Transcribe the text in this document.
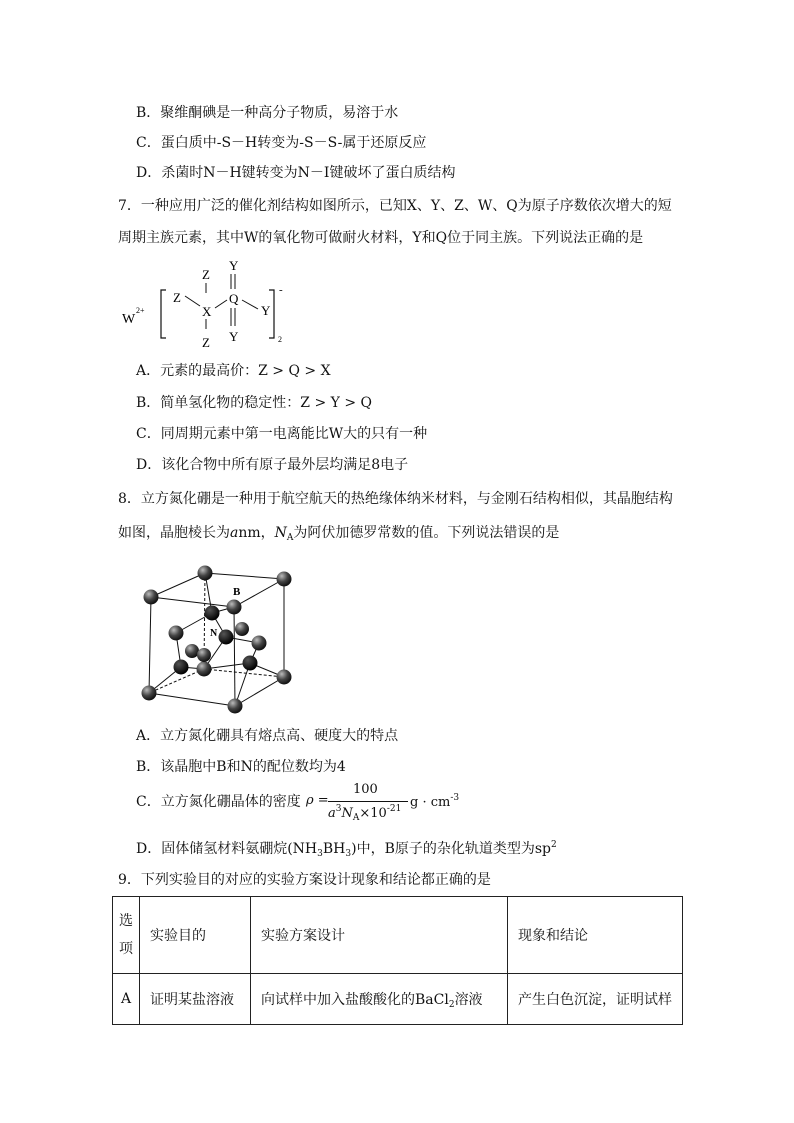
B．聚维酮碘是一种高分子物质，易溶于水
C．蛋白质中-S－H转变为-S－S-属于还原反应
D．杀菌时N－H键转变为N－I键破坏了蛋白质结构
7．一种应用广泛的催化剂结构如图所示，已知X、Y、Z、W、Q为原子序数依次增大的短
周期主族元素，其中W的氧化物可做耐火材料，Y和Q位于同主族。下列说法正确的是
W
2+
-
2
Z
Z
X
Z
Y
Q
Y
Y
A．元素的最高价：Z > Q > X
B．简单氢化物的稳定性：Z > Y > Q
C．同周期元素中第一电离能比W大的只有一种
D．该化合物中所有原子最外层均满足8电子
8．立方氮化硼是一种用于航空航天的热绝缘体纳米材料，与金刚石结构相似，其晶胞结构
如图，晶胞棱长为anm，$N_A$为阿伏加德罗常数的值。下列说法错误的是
B
N
A．立方氮化硼具有熔点高、硬度大的特点
B．该晶胞中B和N的配位数均为4
C．立方氮化硼晶体的密度 ρ =
100
$a^3N_A\times 10^{-21}$ $g \cdot cm^{-3}$
D．固体储氢材料氨硼烷$(NH_3BH_3)$中，B原子的杂化轨道类型为$sp^2$
9．下列实验目的对应的实验方案设计现象和结论都正确的是
选项	实验目的	实验方案设计	现象和结论
A	证明某盐溶液	向试样中加入盐酸酸化的BaCl$_2$溶液	产生白色沉淀，证明试样
